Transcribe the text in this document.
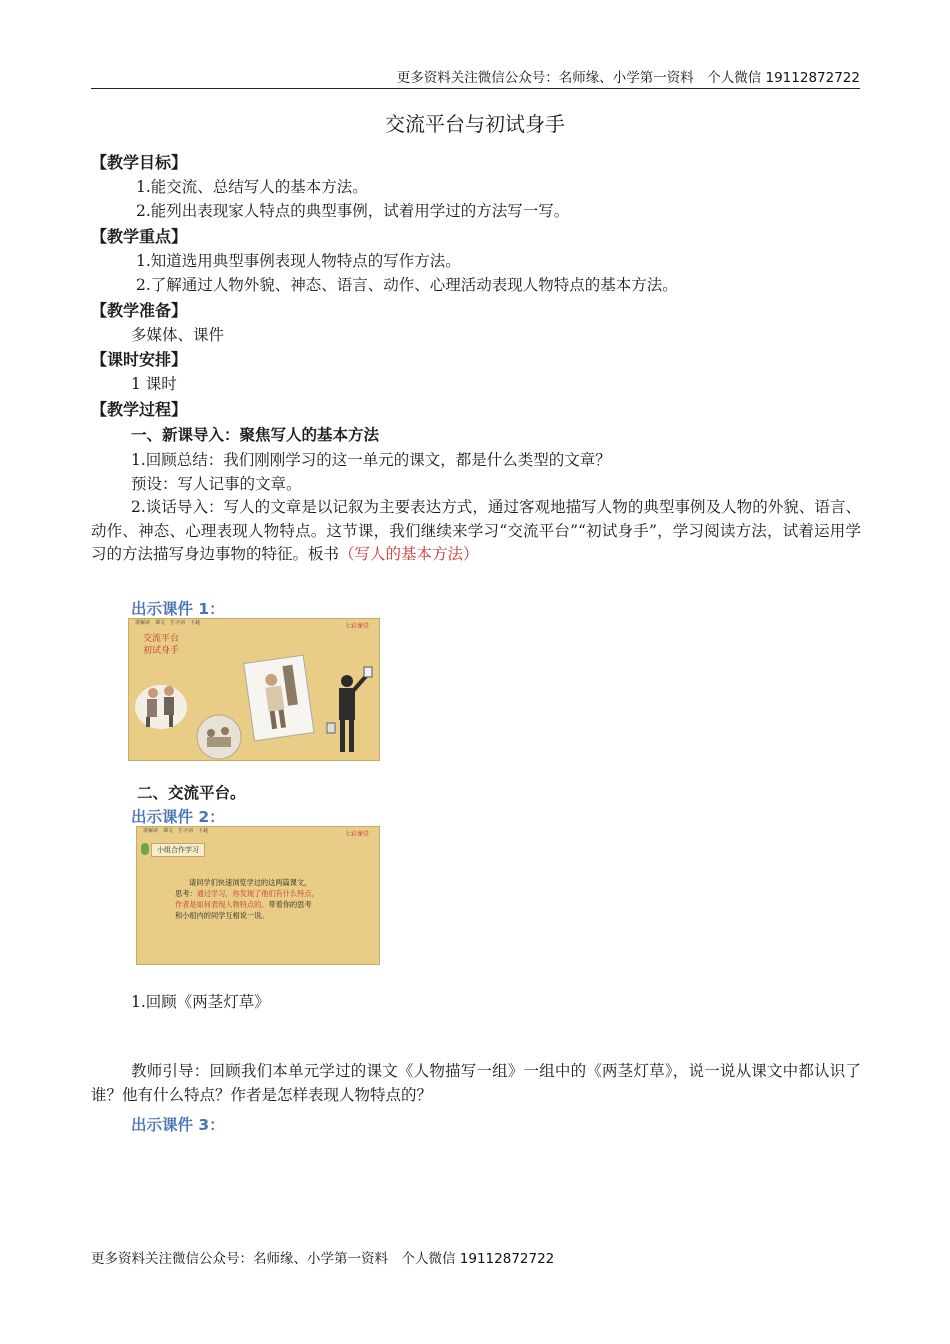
更多资料关注微信公众号：名师缘、小学第一资料　个人微信 19112872722
交流平台与初试身手
【教学目标】
1.能交流、总结写人的基本方法。
2.能列出表现家人特点的典型事例，试着用学过的方法写一写。
【教学重点】
1.知道选用典型事例表现人物特点的写作方法。
2.了解通过人物外貌、神态、语言、动作、心理活动表现人物特点的基本方法。
【教学准备】
多媒体、课件
【课时安排】
1 课时
【教学过程】
一、新课导入：聚焦写人的基本方法
1.回顾总结：我们刚刚学习的这一单元的课文，都是什么类型的文章？
预设：写人记事的文章。
2.谈话导入：写人的文章是以记叙为主要表达方式，通过客观地描写人物的典型事例及人物的外貌、语言、动作、神态、心理表现人物特点。这节课，我们继续来学习“交流平台”“初试身手”，学习阅读方法，试着运用学习的方法描写身边事物的特征。板书（写人的基本方法）
出示课件 1：
讲解读　课文　生字词　下载	七彩课堂
交流平台
初试身手
二、交流平台。
出示课件 2：
讲解读　课文　生字词　下载	七彩课堂
小组合作学习
请同学们快速浏览学过的这两篇课文，
思考：通过学习，你发现了他们有什么特点，
作者是如何表现人物特点的。带着你的思考
和小组内的同学互相说一说。
1.回顾《两茎灯草》
教师引导：回顾我们本单元学过的课文《人物描写一组》一组中的《两茎灯草》，说一说从课文中都认识了谁？他有什么特点？作者是怎样表现人物特点的？
出示课件 3：
更多资料关注微信公众号：名师缘、小学第一资料　个人微信 19112872722
